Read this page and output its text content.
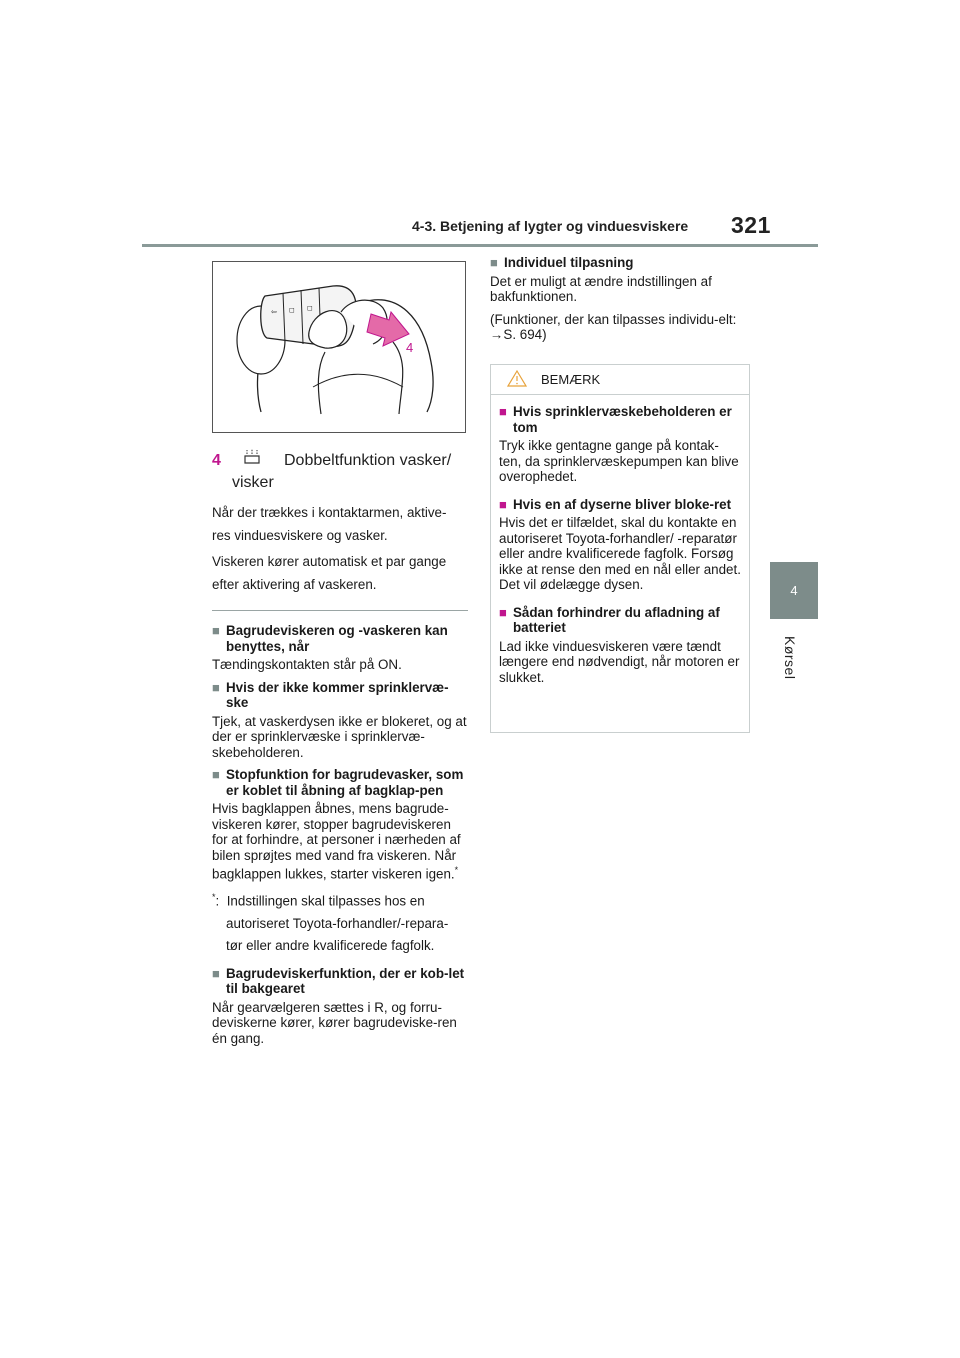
4-3. Betjening af lygter og vinduesviskere 321
4
Kørsel
⇦ ◻ ◻
4
4	Dobbeltfunktion vasker/
visker
Når der trækkes i kontaktarmen, aktive-
res vinduesviskere og vasker.
Viskeren kører automatisk et par gange
efter aktivering af vaskeren.
■ Bagrudeviskeren og -vaskeren kan benyttes, når

Tændingskontakten står på ON.

■ Hvis der ikke kommer sprinklervæ-ske

Tjek, at vaskerdysen ikke er blokeret, og at der er sprinklervæske i sprinklervæ-skebeholderen.

■ Stopfunktion for bagrudevasker, som er koblet til åbning af bagklap-pen

Hvis bagklappen åbnes, mens bagrude-viskeren kører, stopper bagrudeviskeren for at forhindre, at personer i nærheden af bilen sprøjtes med vand fra viskeren. Når bagklappen lukkes, starter viskeren igen.*

*: Indstillingen skal tilpasses hos en
autoriseret Toyota-forhandler/-repara-
tør eller andre kvalificerede fagfolk.
■ Bagrudeviskerfunktion, der er kob-let til bakgearet

Når gearvælgeren sættes i R, og forru-deviskerne kører, kører bagrudeviske-ren én gang.

■ Individuel tilpasning

Det er muligt at ændre indstillingen af bakfunktionen.

(Funktioner, der kan tilpasses individu-elt: →S. 694)

BEMÆRK
■ Hvis sprinklervæskebeholderen er tom

Tryk ikke gentagne gange på kontak-ten, da sprinklervæskepumpen kan blive overophedet.

■ Hvis en af dyserne bliver bloke-ret

Hvis det er tilfældet, skal du kontakte en autoriseret Toyota-forhandler/ -reparatør eller andre kvalificerede fagfolk. Forsøg ikke at rense den med en nål eller andet. Det vil ødelægge dysen.

■ Sådan forhindrer du afladning af batteriet

Lad ikke vinduesviskeren være tændt længere end nødvendigt, når motoren er slukket.
